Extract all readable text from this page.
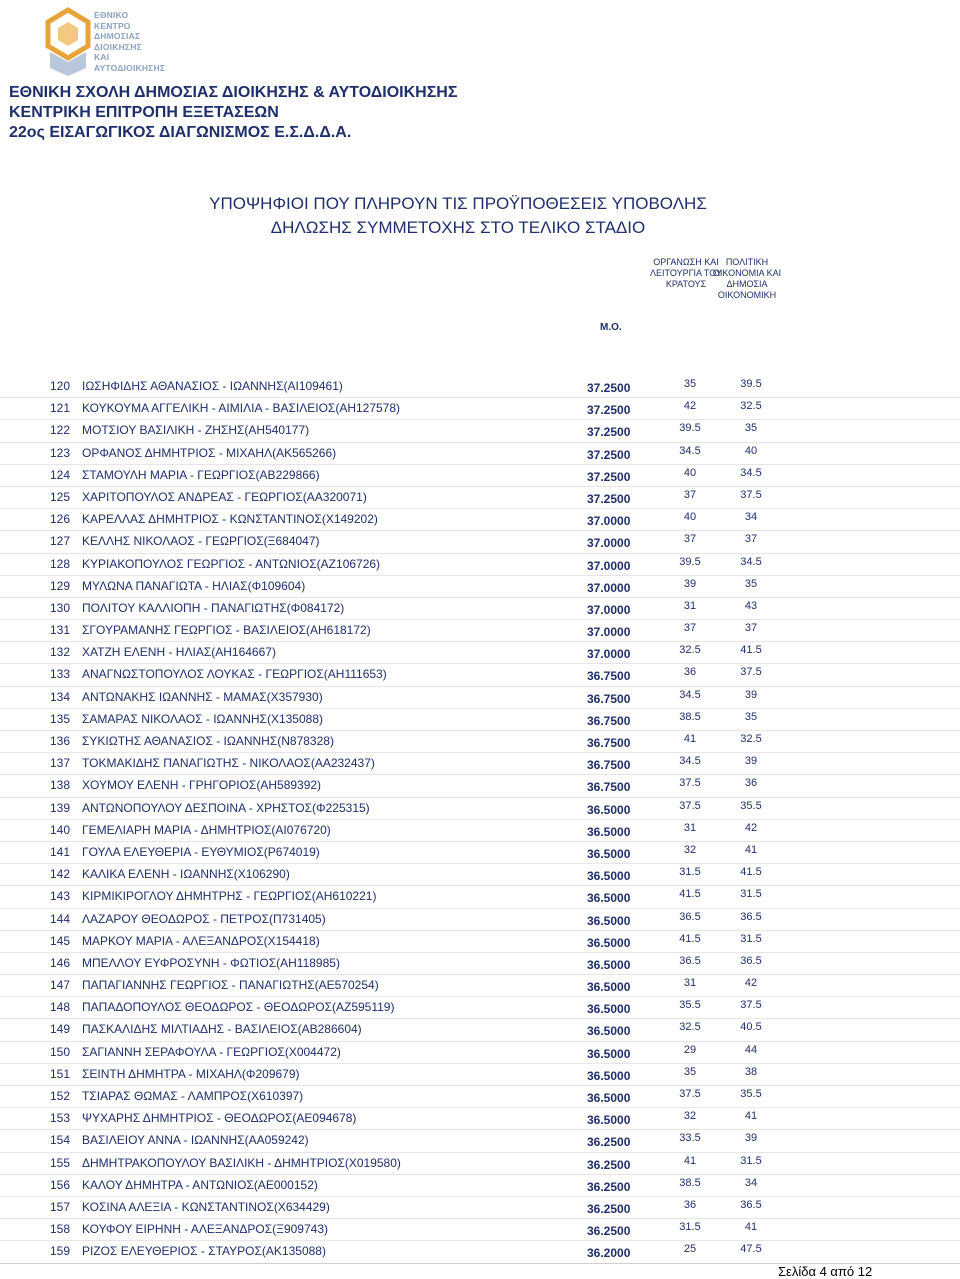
ΕΘΝΙΚΟ
ΚΕΝΤΡΟ
ΔΗΜΟΣΙΑΣ
ΔΙΟΙΚΗΣΗΣ
ΚΑΙ
ΑΥΤΟΔΙΟΙΚΗΣΗΣ
ΕΘΝΙΚΗ ΣΧΟΛΗ ΔΗΜΟΣΙΑΣ ΔΙΟΙΚΗΣΗΣ & ΑΥΤΟΔΙΟΙΚΗΣΗΣ
ΚΕΝΤΡΙΚΗ ΕΠΙΤΡΟΠΗ ΕΞΕΤΑΣΕΩΝ
22ος ΕΙΣΑΓΩΓΙΚΟΣ ΔΙΑΓΩΝΙΣΜΟΣ Ε.Σ.Δ.Δ.Α.
ΥΠΟΨΗΦΙΟΙ ΠΟΥ ΠΛΗΡΟΥΝ ΤΙΣ ΠΡΟΫΠΟΘΕΣΕΙΣ ΥΠΟΒΟΛΗΣ
ΔΗΛΩΣΗΣ ΣΥΜΜΕΤΟΧΗΣ ΣΤΟ ΤΕΛΙΚΟ ΣΤΑΔΙΟ
ΟΡΓΑΝΩΣΗ ΚΑΙ ΛΕΙΤΟΥΡΓΙΑ ΤΟΥ ΚΡΑΤΟΥΣ
ΠΟΛΙΤΙΚΗ ΟΙΚΟΝΟΜΙΑ ΚΑΙ ΔΗΜΟΣΙΑ ΟΙΚΟΝΟΜΙΚΗ
Μ.Ο.
120 ΙΩΣΗΦΙΔΗΣ ΑΘΑΝΑΣΙΟΣ - ΙΩΑΝΝΗΣ(ΑΙ109461)	37.2500	35	39.5
121 ΚΟΥΚΟΥΜΑ ΑΓΓΕΛΙΚΗ - ΑΙΜΙΛΙΑ - ΒΑΣΙΛΕΙΟΣ(ΑΗ127578)	37.2500	42	32.5
122 ΜΟΤΣΙΟΥ ΒΑΣΙΛΙΚΗ - ΖΗΣΗΣ(ΑΗ540177)	37.2500	39.5	35
123 ΟΡΦΑΝΟΣ ΔΗΜΗΤΡΙΟΣ - ΜΙΧΑΗΛ(ΑΚ565266)	37.2500	34.5	40
124 ΣΤΑΜΟΥΛΗ ΜΑΡΙΑ - ΓΕΩΡΓΙΟΣ(ΑΒ229866)	37.2500	40	34.5
125 ΧΑΡΙΤΟΠΟΥΛΟΣ ΑΝΔΡΕΑΣ - ΓΕΩΡΓΙΟΣ(ΑΑ320071)	37.2500	37	37.5
126 ΚΑΡΕΛΛΑΣ ΔΗΜΗΤΡΙΟΣ - ΚΩΝΣΤΑΝΤΙΝΟΣ(Χ149202)	37.0000	40	34
127 ΚΕΛΛΗΣ ΝΙΚΟΛΑΟΣ - ΓΕΩΡΓΙΟΣ(Ξ684047)	37.0000	37	37
128 ΚΥΡΙΑΚΟΠΟΥΛΟΣ ΓΕΩΡΓΙΟΣ - ΑΝΤΩΝΙΟΣ(ΑΖ106726)	37.0000	39.5	34.5
129 ΜΥΛΩΝΑ ΠΑΝΑΓΙΩΤΑ - ΗΛΙΑΣ(Φ109604)	37.0000	39	35
130 ΠΟΛΙΤΟΥ ΚΑΛΛΙΟΠΗ - ΠΑΝΑΓΙΩΤΗΣ(Φ084172)	37.0000	31	43
131 ΣΓΟΥΡΑΜΑΝΗΣ ΓΕΩΡΓΙΟΣ - ΒΑΣΙΛΕΙΟΣ(ΑΗ618172)	37.0000	37	37
132 ΧΑΤΖΗ ΕΛΕΝΗ - ΗΛΙΑΣ(ΑΗ164667)	37.0000	32.5	41.5
133 ΑΝΑΓΝΩΣΤΟΠΟΥΛΟΣ ΛΟΥΚΑΣ - ΓΕΩΡΓΙΟΣ(ΑΗ111653)	36.7500	36	37.5
134 ΑΝΤΩΝΑΚΗΣ ΙΩΑΝΝΗΣ - ΜΑΜΑΣ(Χ357930)	36.7500	34.5	39
135 ΣΑΜΑΡΑΣ ΝΙΚΟΛΑΟΣ - ΙΩΑΝΝΗΣ(Χ135088)	36.7500	38.5	35
136 ΣΥΚΙΩΤΗΣ ΑΘΑΝΑΣΙΟΣ - ΙΩΑΝΝΗΣ(Ν878328)	36.7500	41	32.5
137 ΤΟΚΜΑΚΙΔΗΣ ΠΑΝΑΓΙΩΤΗΣ - ΝΙΚΟΛΑΟΣ(ΑΑ232437)	36.7500	34.5	39
138 ΧΟΥΜΟΥ ΕΛΕΝΗ - ΓΡΗΓΟΡΙΟΣ(ΑΗ589392)	36.7500	37.5	36
139 ΑΝΤΩΝΟΠΟΥΛΟΥ ΔΕΣΠΟΙΝΑ - ΧΡΗΣΤΟΣ(Φ225315)	36.5000	37.5	35.5
140 ΓΕΜΕΛΙΑΡΗ ΜΑΡΙΑ - ΔΗΜΗΤΡΙΟΣ(ΑΙ076720)	36.5000	31	42
141 ΓΟΥΛΑ ΕΛΕΥΘΕΡΙΑ - ΕΥΘΥΜΙΟΣ(Ρ674019)	36.5000	32	41
142 ΚΑΛΙΚΑ ΕΛΕΝΗ - ΙΩΑΝΝΗΣ(Χ106290)	36.5000	31.5	41.5
143 ΚΙΡΜΙΚΙΡΟΓΛΟΥ ΔΗΜΗΤΡΗΣ - ΓΕΩΡΓΙΟΣ(ΑΗ610221)	36.5000	41.5	31.5
144 ΛΑΖΑΡΟΥ ΘΕΟΔΩΡΟΣ - ΠΕΤΡΟΣ(Π731405)	36.5000	36.5	36.5
145 ΜΑΡΚΟΥ ΜΑΡΙΑ - ΑΛΕΞΑΝΔΡΟΣ(Χ154418)	36.5000	41.5	31.5
146 ΜΠΕΛΛΟΥ ΕΥΦΡΟΣΥΝΗ - ΦΩΤΙΟΣ(ΑΗ118985)	36.5000	36.5	36.5
147 ΠΑΠΑΓΙΑΝΝΗΣ ΓΕΩΡΓΙΟΣ - ΠΑΝΑΓΙΩΤΗΣ(ΑΕ570254)	36.5000	31	42
148 ΠΑΠΑΔΟΠΟΥΛΟΣ ΘΕΟΔΩΡΟΣ - ΘΕΟΔΩΡΟΣ(ΑΖ595119)	36.5000	35.5	37.5
149 ΠΑΣΚΑΛΙΔΗΣ ΜΙΛΤΙΑΔΗΣ - ΒΑΣΙΛΕΙΟΣ(ΑΒ286604)	36.5000	32.5	40.5
150 ΣΑΓΙΑΝΝΗ ΣΕΡΑΦΟΥΛΑ - ΓΕΩΡΓΙΟΣ(Χ004472)	36.5000	29	44
151 ΣΕΙΝΤΗ ΔΗΜΗΤΡΑ - ΜΙΧΑΗΛ(Φ209679)	36.5000	35	38
152 ΤΣΙΑΡΑΣ ΘΩΜΑΣ - ΛΑΜΠΡΟΣ(Χ610397)	36.5000	37.5	35.5
153 ΨΥΧΑΡΗΣ ΔΗΜΗΤΡΙΟΣ - ΘΕΟΔΩΡΟΣ(ΑΕ094678)	36.5000	32	41
154 ΒΑΣΙΛΕΙΟΥ ΑΝΝΑ - ΙΩΑΝΝΗΣ(ΑΑ059242)	36.2500	33.5	39
155 ΔΗΜΗΤΡΑΚΟΠΟΥΛΟΥ ΒΑΣΙΛΙΚΗ - ΔΗΜΗΤΡΙΟΣ(Χ019580)	36.2500	41	31.5
156 ΚΑΛΟΥ ΔΗΜΗΤΡΑ - ΑΝΤΩΝΙΟΣ(ΑΕ000152)	36.2500	38.5	34
157 ΚΟΣΙΝΑ ΑΛΕΞΙΑ - ΚΩΝΣΤΑΝΤΙΝΟΣ(Χ634429)	36.2500	36	36.5
158 ΚΟΥΦΟΥ ΕΙΡΗΝΗ - ΑΛΕΞΑΝΔΡΟΣ(Ξ909743)	36.2500	31.5	41
159 ΡΙΖΟΣ ΕΛΕΥΘΕΡΙΟΣ - ΣΤΑΥΡΟΣ(ΑΚ135088)	36.2000	25	47.5
Σελίδα 4 από 12
